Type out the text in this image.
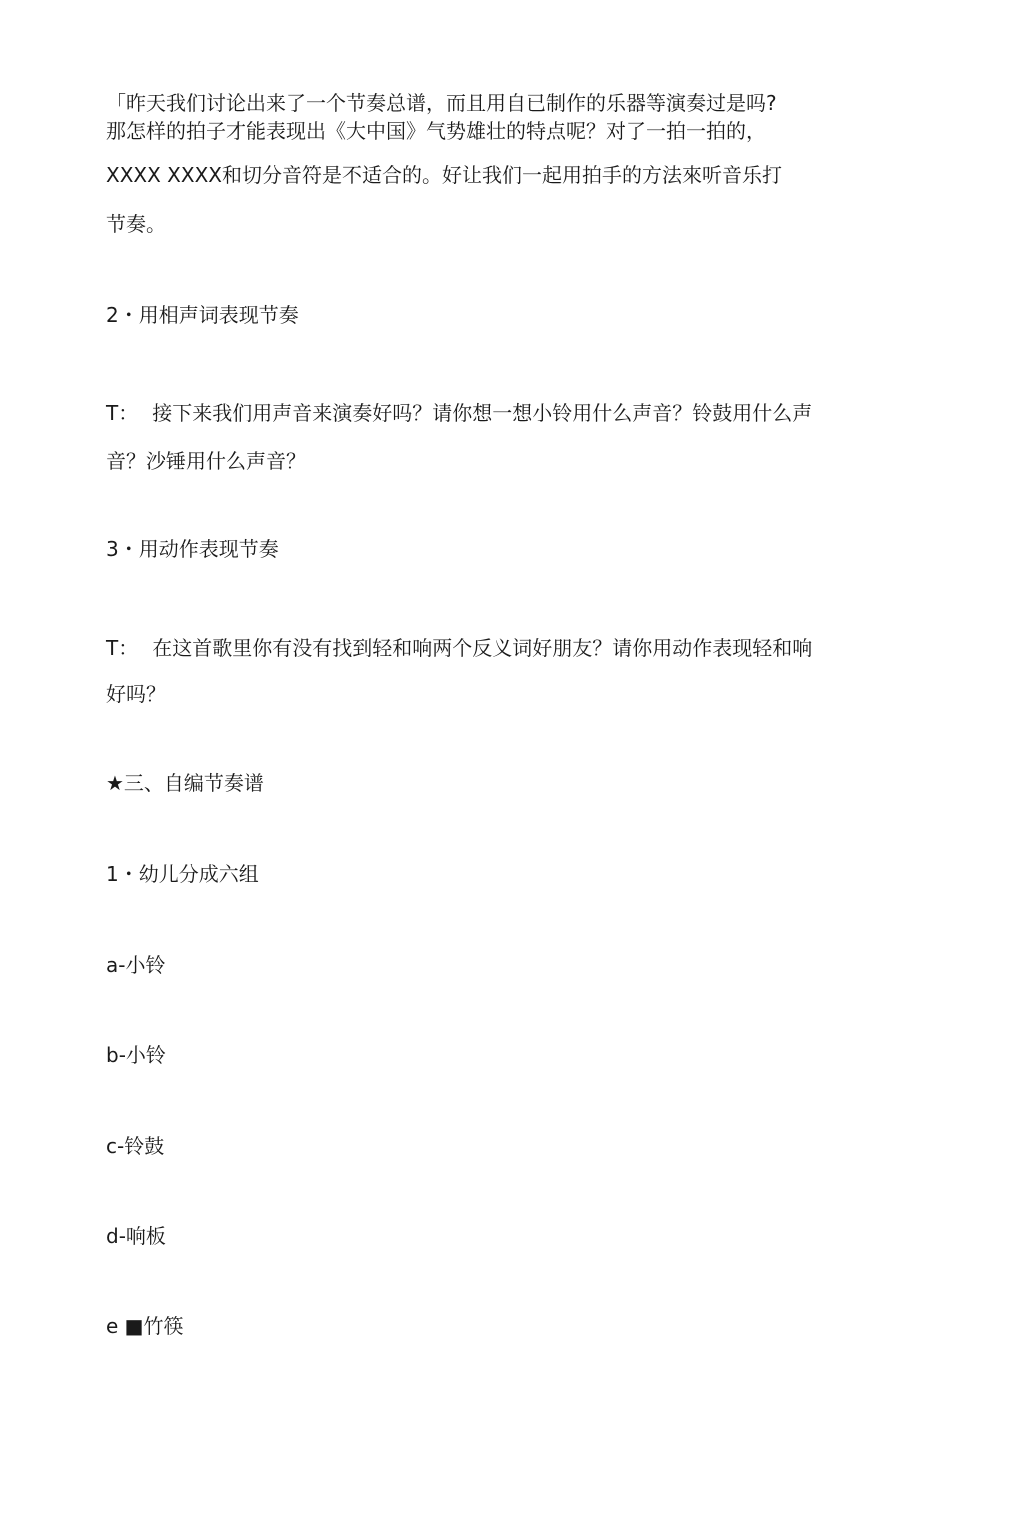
「昨天我们讨论出来了一个节奏总谱，而且用自已制作的乐器等演奏过是吗?
那怎样的拍子才能表现出《大中国》气势雄壮的特点呢？对了一拍一拍的，
XXXX XXXX和切分音符是不适合的。好让我们一起用拍手的方法來听音乐打
节奏。
2・用相声词表现节奏
T： 接下来我们用声音来演奏好吗？请你想一想小铃用什么声音？铃鼓用什么声
音？沙锤用什么声音？
3・用动作表现节奏
T： 在这首歌里你有没有找到轻和响两个反义词好朋友？请你用动作表现轻和响
好吗？
★三、自编节奏谱
1・幼儿分成六组
a-小铃
b-小铃
c-铃鼓
d-响板
e ■竹筷
